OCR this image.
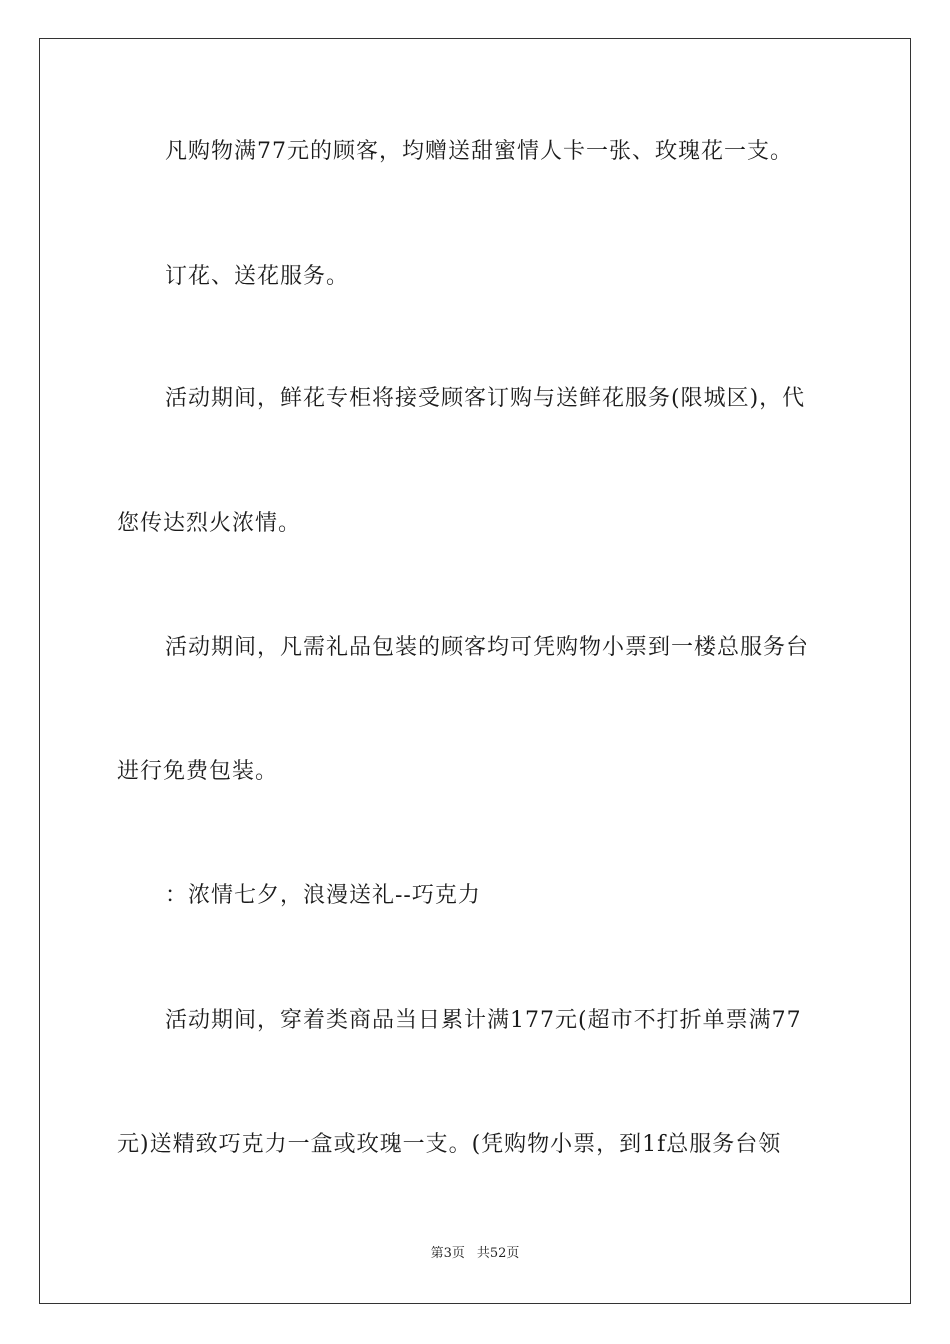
凡购物满77元的顾客，均赠送甜蜜情人卡一张、玫瑰花一支。
订花、送花服务。
活动期间，鲜花专柜将接受顾客订购与送鲜花服务(限城区)，代
您传达烈火浓情。
活动期间，凡需礼品包装的顾客均可凭购物小票到一楼总服务台
进行免费包装。
：浓情七夕，浪漫送礼--巧克力
活动期间，穿着类商品当日累计满177元(超市不打折单票满77
元)送精致巧克力一盒或玫瑰一支。(凭购物小票，到1f总服务台领
第3页 共52页
